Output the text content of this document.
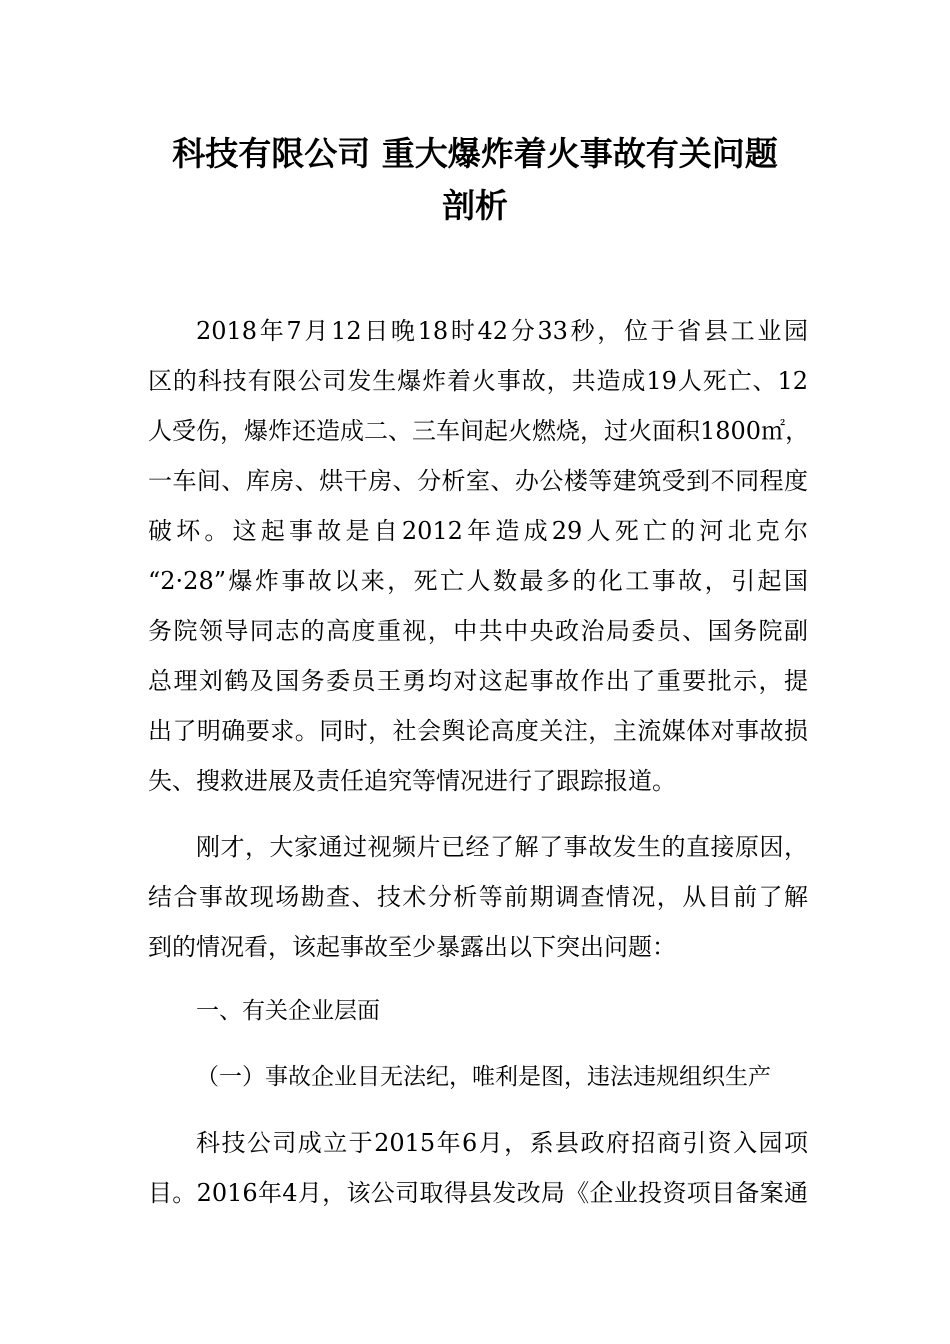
科技有限公司 重大爆炸着火事故有关问题
剖析
2018年7月12日晚18时42分33秒，位于省县工业园
区的科技有限公司发生爆炸着火事故，共造成19人死亡、12
人受伤，爆炸还造成二、三车间起火燃烧，过火面积1800㎡，
一车间、库房、烘干房、分析室、办公楼等建筑受到不同程度
破坏。这起事故是自2012年造成29人死亡的河北克尔
“2·28”爆炸事故以来，死亡人数最多的化工事故，引起国
务院领导同志的高度重视，中共中央政治局委员、国务院副
总理刘鹤及国务委员王勇均对这起事故作出了重要批示，提
出了明确要求。同时，社会舆论高度关注，主流媒体对事故损
失、搜救进展及责任追究等情况进行了跟踪报道。
刚才，大家通过视频片已经了解了事故发生的直接原因，
结合事故现场勘查、技术分析等前期调查情况，从目前了解
到的情况看，该起事故至少暴露出以下突出问题：
一、有关企业层面
（一）事故企业目无法纪，唯利是图，违法违规组织生产
科技公司成立于2015年6月，系县政府招商引资入园项
目。2016年4月，该公司取得县发改局《企业投资项目备案通
